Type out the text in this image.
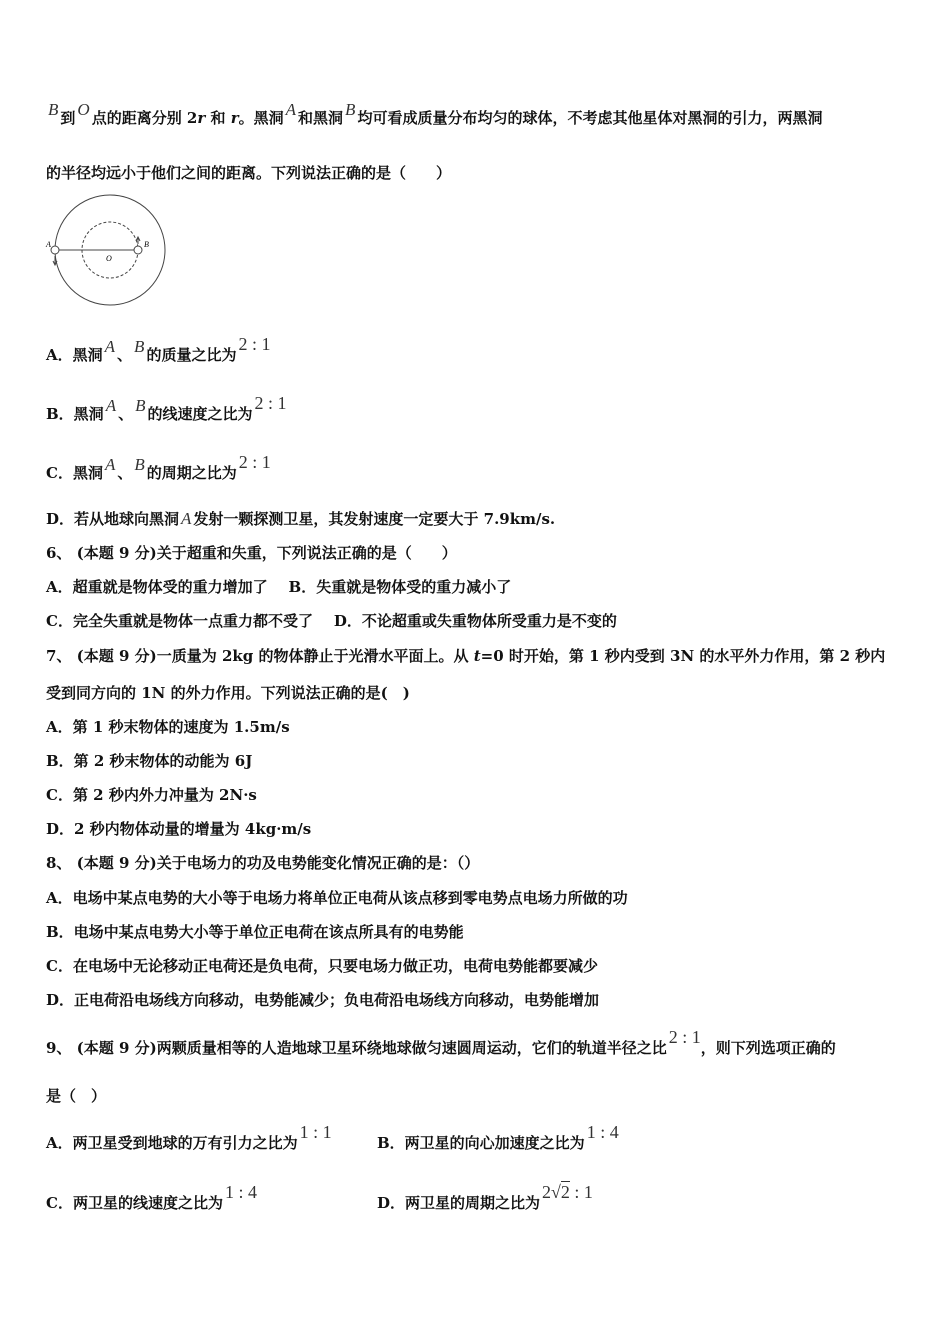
B 到 O 点的距离分别 2r 和 r。黑洞 A 和黑洞 B 均可看成质量分布均匀的球体，不考虑其他星体对黑洞的引力，两黑洞
的半径均远小于他们之间的距离。下列说法正确的是（　　）
A	B
O
A．黑洞 A 、 B 的质量之比为2 : 1
B．黑洞 A 、 B 的线速度之比为2 : 1
C．黑洞 A 、 B 的周期之比为2 : 1
D．若从地球向黑洞 A 发射一颗探测卫星，其发射速度一定要大于 7.9km/s.
6、 (本题 9 分)关于超重和失重，下列说法正确的是（　　）
A．超重就是物体受的重力增加了 B．失重就是物体受的重力减小了
C．完全失重就是物体一点重力都不受了 D．不论超重或失重物体所受重力是不变的
7、 (本题 9 分)一质量为 2kg 的物体静止于光滑水平面上。从 t=0 时开始，第 1 秒内受到 3N 的水平外力作用，第 2 秒内
受到同方向的 1N 的外力作用。下列说法正确的是(　)
A．第 1 秒末物体的速度为 1.5m/s
B．第 2 秒末物体的动能为 6J
C．第 2 秒内外力冲量为 2N·s
D．2 秒内物体动量的增量为 4kg·m/s
8、 (本题 9 分)关于电场力的功及电势能变化情况正确的是：（）
A．电场中某点电势的大小等于电场力将单位正电荷从该点移到零电势点电场力所做的功
B．电场中某点电势大小等于单位正电荷在该点所具有的电势能
C．在电场中无论移动正电荷还是负电荷，只要电场力做正功，电荷电势能都要减少
D．正电荷沿电场线方向移动，电势能减少；负电荷沿电场线方向移动，电势能增加
9、 (本题 9 分)两颗质量相等的人造地球卫星环绕地球做匀速圆周运动，它们的轨道半径之比2 : 1，则下列选项正确的
是（　）
A．两卫星受到地球的万有引力之比为1 : 1
B．两卫星的向心加速度之比为1 : 4
C．两卫星的线速度之比为1 : 4
D．两卫星的周期之比为2√2 : 1
